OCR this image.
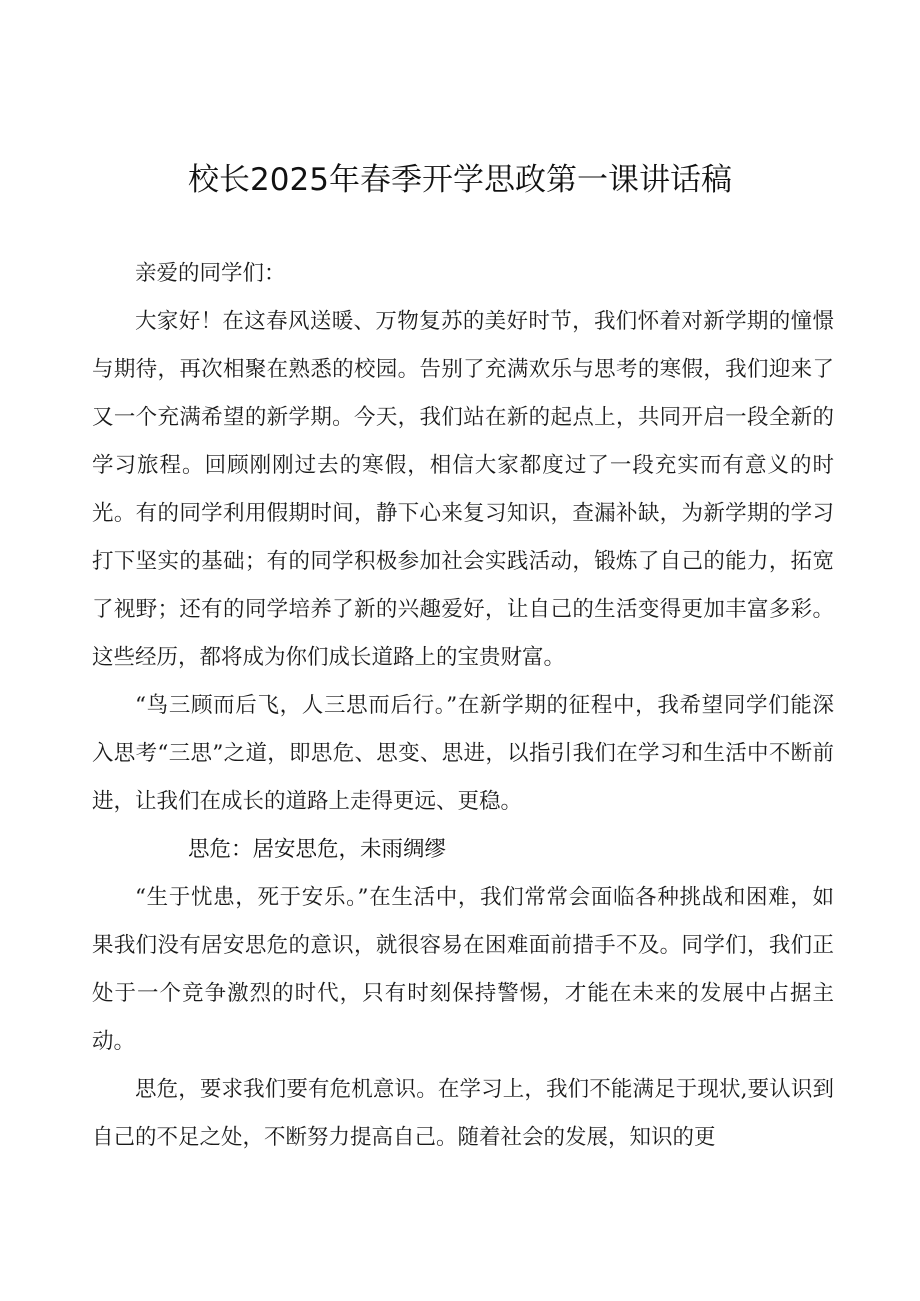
校长2025年春季开学思政第一课讲话稿

亲爱的同学们：

大家好！在这春风送暖、万物复苏的美好时节，我们怀着对新学期的憧憬与期待，再次相聚在熟悉的校园。告别了充满欢乐与思考的寒假，我们迎来了又一个充满希望的新学期。今天，我们站在新的起点上，共同开启一段全新的学习旅程。回顾刚刚过去的寒假，相信大家都度过了一段充实而有意义的时光。有的同学利用假期时间，静下心来复习知识，查漏补缺，为新学期的学习打下坚实的基础；有的同学积极参加社会实践活动，锻炼了自己的能力，拓宽了视野；还有的同学培养了新的兴趣爱好，让自己的生活变得更加丰富多彩。这些经历，都将成为你们成长道路上的宝贵财富。

“鸟三顾而后飞，人三思而后行。”在新学期的征程中，我希望同学们能深入思考“三思”之道，即思危、思变、思进，以指引我们在学习和生活中不断前进，让我们在成长的道路上走得更远、更稳。

思危：居安思危，未雨绸缪

“生于忧患，死于安乐。”在生活中，我们常常会面临各种挑战和困难，如果我们没有居安思危的意识，就很容易在困难面前措手不及。同学们，我们正处于一个竞争激烈的时代，只有时刻保持警惕，才能在未来的发展中占据主动。

思危，要求我们要有危机意识。在学习上，我们不能满足于现状,要认识到自己的不足之处，不断努力提高自己。随着社会的发展，知识的更
